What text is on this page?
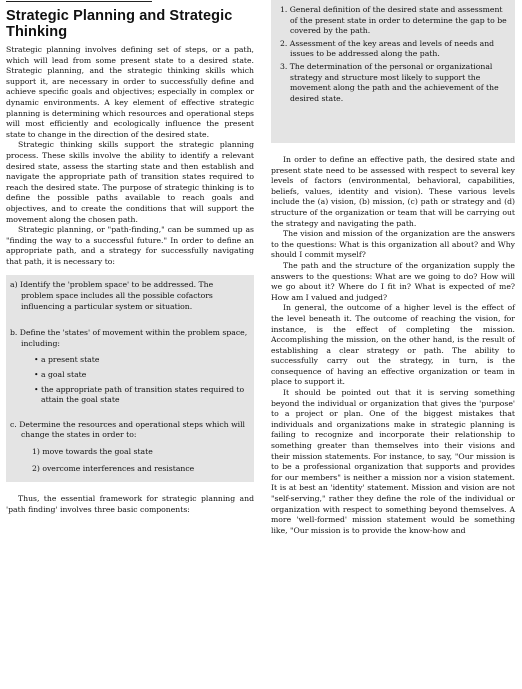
Strategic Planning and Strategic Thinking

Strategic planning involves defining set of steps, or a path, which will lead from some present state to a desired state. Strategic planning, and the strategic thinking skills which support it, are necessary in order to successfully define and achieve specific goals and objectives; especially in complex or dynamic environments. A key element of effective strategic planning is determining which resources and operational steps will most efficiently and ecologically influence the present state to change in the direction of the desired state.

Strategic thinking skills support the strategic planning process. These skills involve the ability to identify a relevant desired state, assess the starting state and then establish and navigate the appropriate path of transition states required to reach the desired state. The purpose of strategic thinking is to define the possible paths available to reach goals and objectives, and to create the conditions that will support the movement along the chosen path.

Strategic planning, or "path-finding," can be summed up as "finding the way to a successful future." In order to define an appropriate path, and a strategy for successfully navigating that path, it is necessary to:

a) Identify the 'problem space' to be addressed. The problem space includes all the possible cofactors influencing a particular system or situation.

b. Define the 'states' of movement within the problem space, including:

• a present state

• a goal state

• the appropriate path of transition states required to attain the goal state

c. Determine the resources and operational steps which will change the states in order to:

1) move towards the goal state

2) overcome interferences and resistance

Thus, the essential framework for strategic planning and 'path finding' involves three basic components:

1. General definition of the desired state and assessment of the present state in order to determine the gap to be covered by the path.

2. Assessment of the key areas and levels of needs and issues to be addressed along the path.

3. The determination of the personal or organizational strategy and structure most likely to support the movement along the path and the achievement of the desired state.

In order to define an effective path, the desired state and present state need to be assessed with respect to several key levels of factors (environmental, behavioral, capabilities, beliefs, values, identity and vision). These various levels include the (a) vision, (b) mission, (c) path or strategy and (d) structure of the organization or team that will be carrying out the strategy and navigating the path.

The vision and mission of the organization are the answers to the questions: What is this organization all about? and Why should I commit myself?

The path and the structure of the organization supply the answers to the questions: What are we going to do? How will we go about it? Where do I fit in? What is expected of me? How am I valued and judged?

In general, the outcome of a higher level is the effect of the level beneath it. The outcome of reaching the vision, for instance, is the effect of completing the mission. Accomplishing the mission, on the other hand, is the result of establishing a clear strategy or path. The ability to successfully carry out the strategy, in turn, is the consequence of having an effective organization or team in place to support it.

It should be pointed out that it is serving something beyond the individual or organization that gives the 'purpose' to a project or plan. One of the biggest mistakes that individuals and organizations make in strategic planning is failing to recognize and incorporate their relationship to something greater than themselves into their visions and their mission statements. For instance, to say, "Our mission is to be a professional organization that supports and provides for our members" is neither a mission nor a vision statement. It is at best an 'identity' statement. Mission and vision are not "self-serving," rather they define the role of the individual or organization with respect to something beyond themselves. A more 'well-formed' mission statement would be something like, "Our mission is to provide the know-how and
